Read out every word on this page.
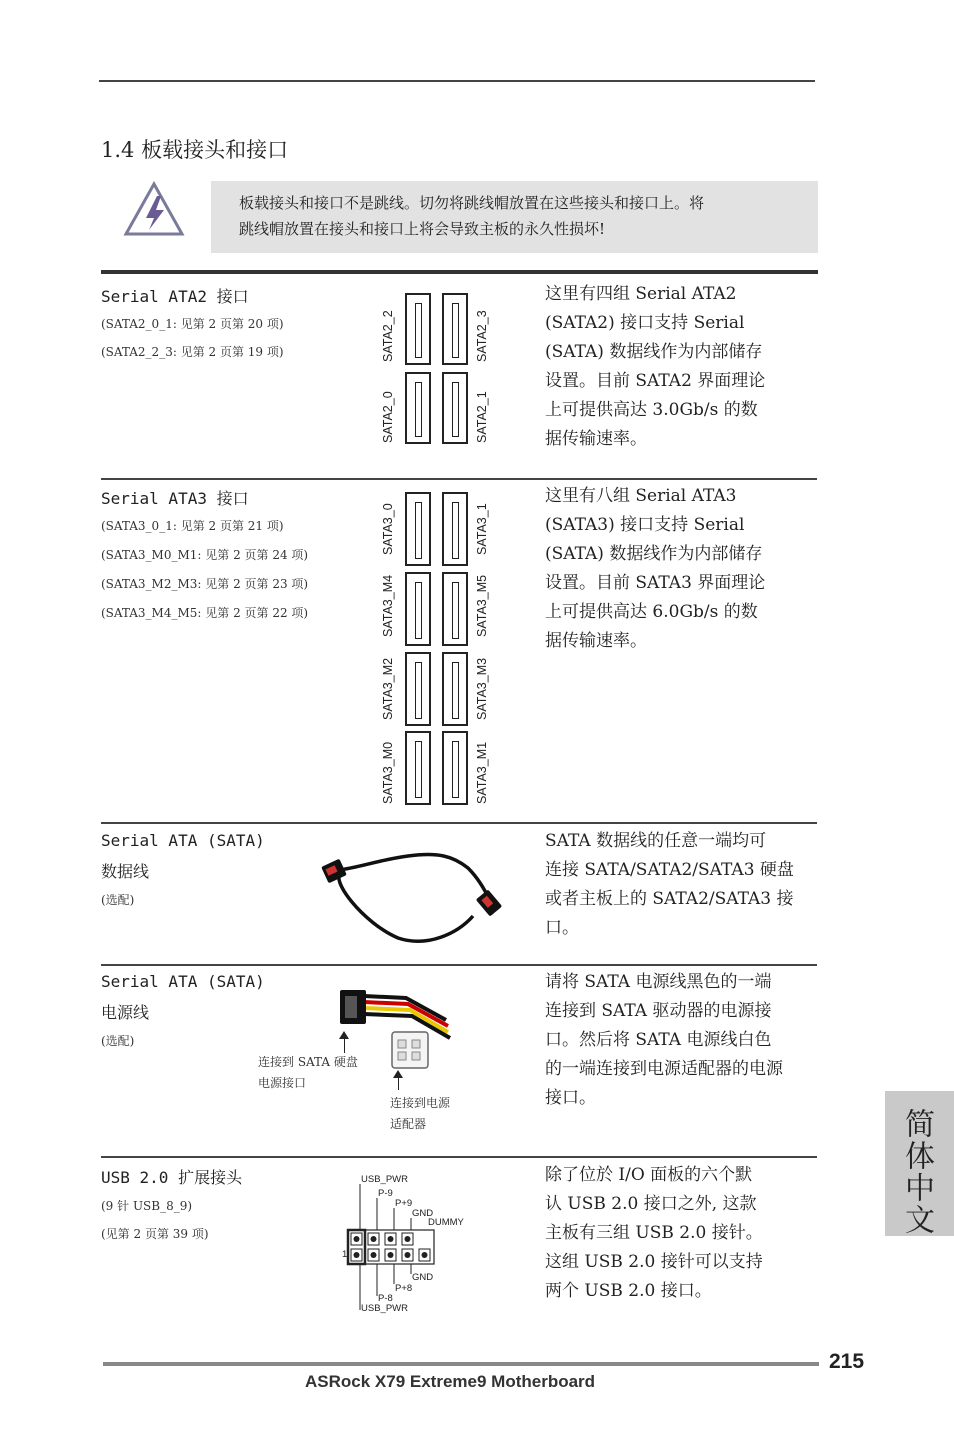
1.4 板载接头和接口
板载接头和接口不是跳线。切勿将跳线帽放置在这些接头和接口上。将
跳线帽放置在接头和接口上将会导致主板的永久性损坏!
Serial ATA2 接口
(SATA2_0_1: 见第 2 页第 20 项)
(SATA2_2_3: 见第 2 页第 19 项)	SATA2_2	SATA2_3
SATA2_0	SATA2_1
这里有四组 Serial ATA2
(SATA2) 接口支持 Serial
(SATA) 数据线作为内部储存
设置。目前 SATA2 界面理论
上可提供高达 3.0Gb/s 的数
据传输速率。
Serial ATA3 接口
(SATA3_0_1: 见第 2 页第 21 项)
(SATA3_M0_M1: 见第 2 页第 24 项)
(SATA3_M2_M3: 见第 2 页第 23 项)
(SATA3_M4_M5: 见第 2 页第 22 项)
SATA3_0
SATA3_M4
SATA3_M2
SATA3_M0
SATA3_1
SATA3_M5
SATA3_M3
SATA3_M1
这里有八组 Serial ATA3
(SATA3) 接口支持 Serial
(SATA) 数据线作为内部储存
设置。目前 SATA3 界面理论
上可提供高达 6.0Gb/s 的数
据传输速率。
Serial ATA (SATA)
数据线
(选配)
SATA 数据线的任意一端均可
连接 SATA/SATA2/SATA3 硬盘
或者主板上的 SATA2/SATA3 接
口。
Serial ATA (SATA)
电源线
(选配)
连接到 SATA 硬盘
电源接口
连接到电源
适配器
请将 SATA 电源线黑色的一端
连接到 SATA 驱动器的电源接
口。然后将 SATA 电源线白色
的一端连接到电源适配器的电源
接口。
USB 2.0 扩展接头
(9 针 USB_8_9)
(见第 2 页第 39 项)
USB_PWR
P-9
P+9
GND
DUMMY
1
GND
P+8
P-8
USB_PWR
除了位於 I/O 面板的六个默
认 USB 2.0 接口之外, 这款
主板有三组 USB 2.0 接针。
这组 USB 2.0 接针可以支持
两个 USB 2.0 接口。
简体中文
215
ASRock X79 Extreme9 Motherboard
